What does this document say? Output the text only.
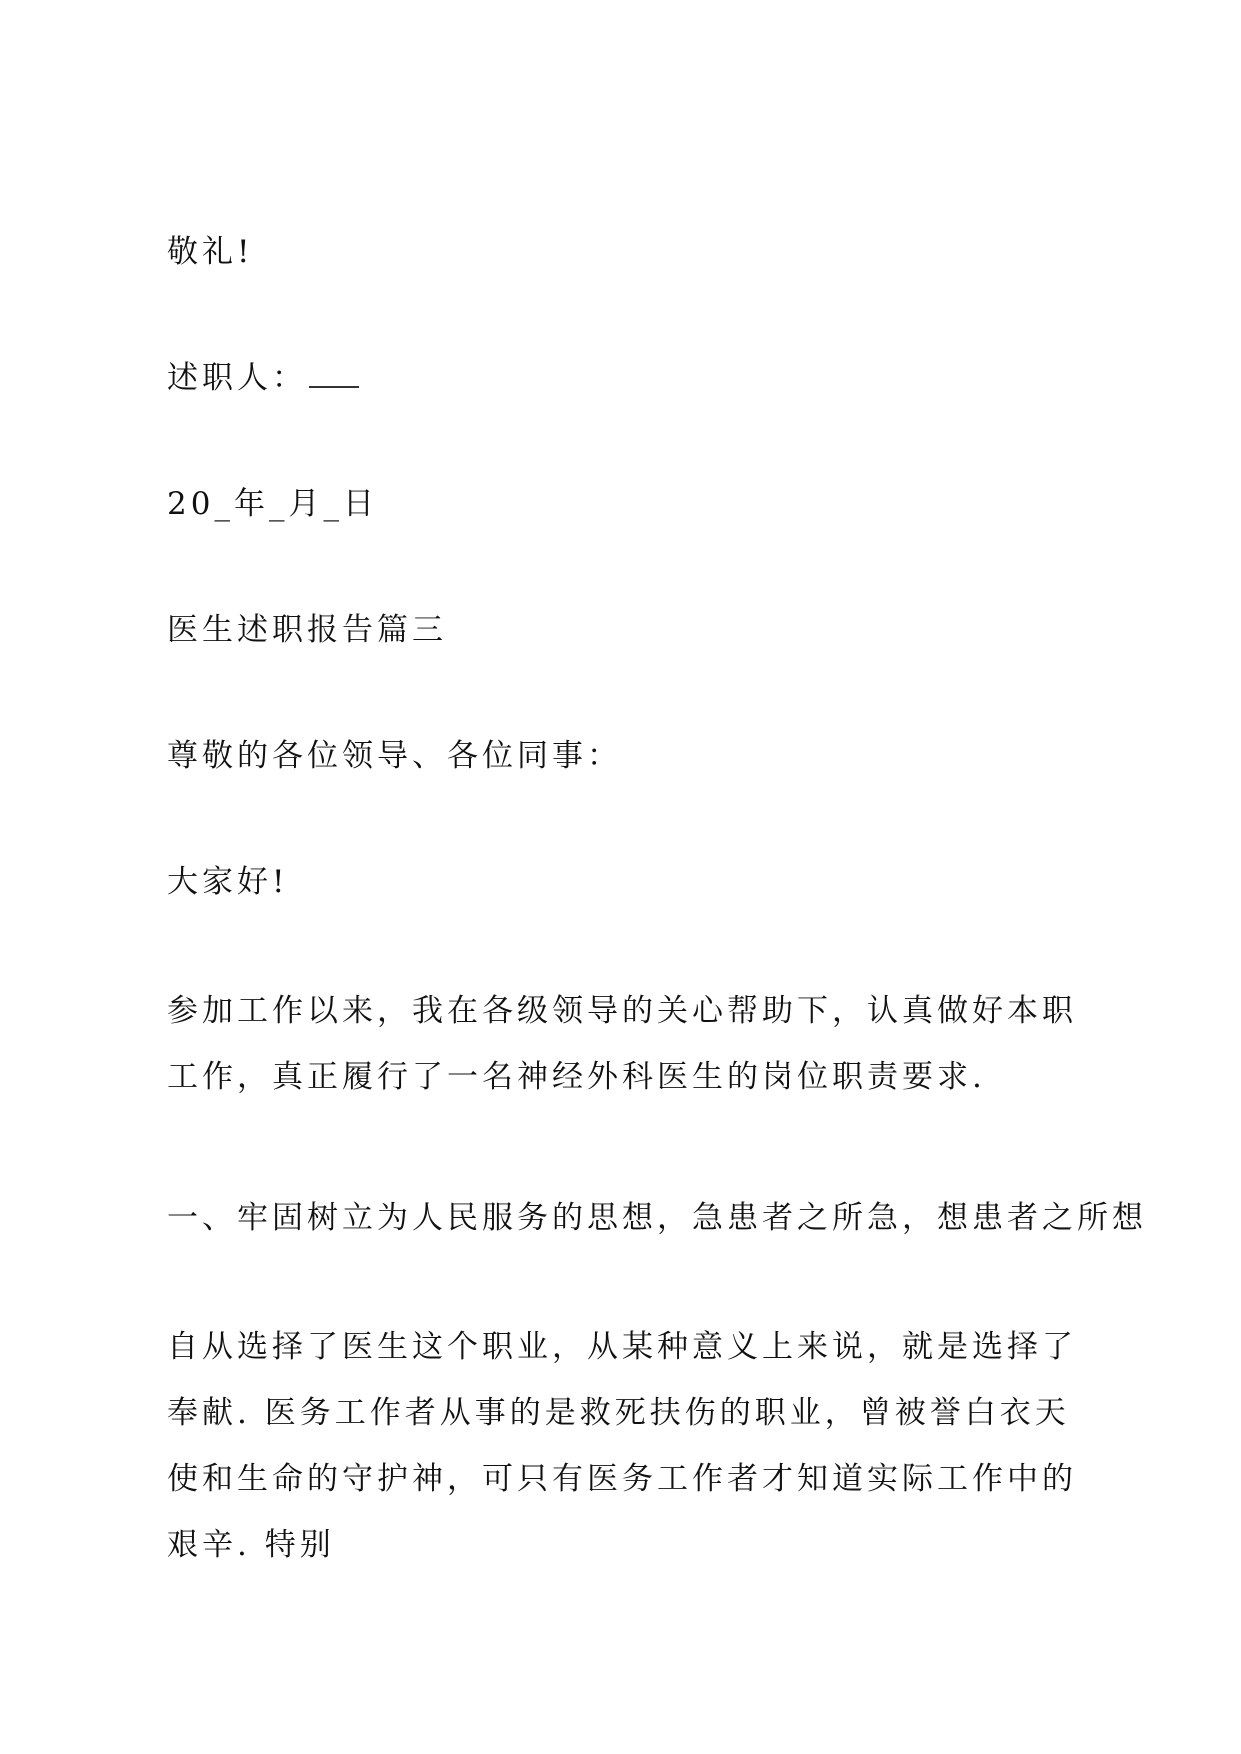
敬礼!
述职人：
20_年_月_日
医生述职报告篇三
尊敬的各位领导、各位同事：
大家好!
参加工作以来，我在各级领导的关心帮助下，认真做好本职工作，真正履行了一名神经外科医生的岗位职责要求.
一、牢固树立为人民服务的思想，急患者之所急，想患者之所想
自从选择了医生这个职业，从某种意义上来说，就是选择了奉献. 医务工作者从事的是救死扶伤的职业，曾被誉白衣天使和生命的守护神，可只有医务工作者才知道实际工作中的艰辛. 特别
